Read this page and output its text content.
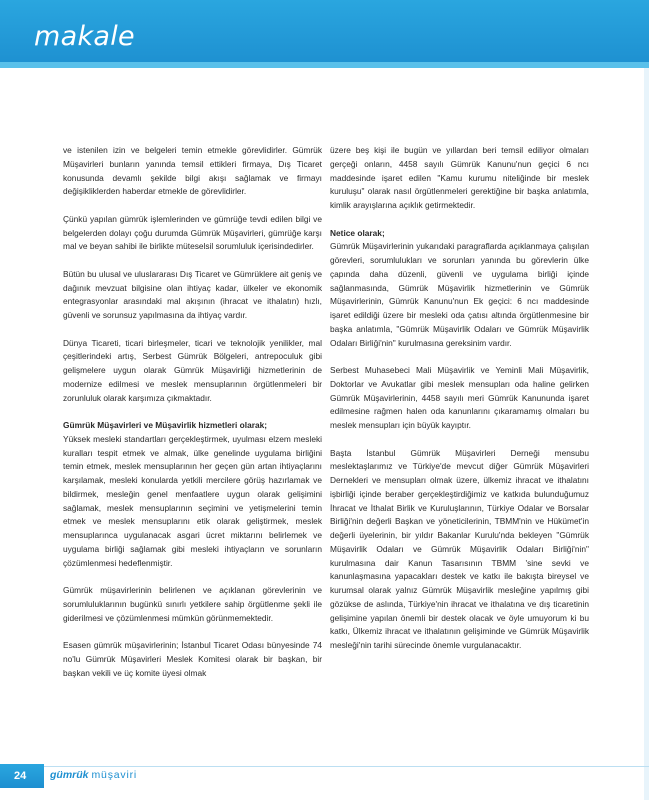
makale

ve istenilen izin ve belgeleri temin etmekle görevlidirler. Gümrük Müşavirleri bunların yanında temsil ettikleri firmaya, Dış Ticaret konusunda devamlı şekilde bilgi akışı sağlamak ve firmayı değişikliklerden haberdar etmekle de görevlidirler.

Çünkü yapılan gümrük işlemlerinden ve gümrüğe tevdi edilen bilgi ve belgelerden dolayı çoğu durumda Gümrük Müşavirleri, gümrüğe karşı mal ve beyan sahibi ile birlikte müteselsil sorumluluk içerisindedirler.

Bütün bu ulusal ve uluslararası Dış Ticaret ve Gümrüklere ait geniş ve dağınık mevzuat bilgisine olan ihtiyaç kadar, ülkeler ve ekonomik entegrasyonlar arasındaki mal akışının (ihracat ve ithalatın) hızlı, güvenli ve sorunsuz yapılmasına da ihtiyaç vardır.

Dünya Ticareti, ticari birleşmeler, ticari ve teknolojik yenilikler, mal çeşitlerindeki artış, Serbest Gümrük Bölgeleri, antrepoculuk gibi gelişmelere uygun olarak Gümrük Müşavirliği hizmetlerinin de modernize edilmesi ve meslek mensuplarının örgütlenmeleri bir zorunluluk olarak karşımıza çıkmaktadır.

Gümrük Müşavirleri ve Müşavirlik hizmetleri olarak;

Yüksek mesleki standartları gerçekleştirmek, uyulması elzem mesleki kuralları tespit etmek ve almak, ülke genelinde uygulama birliğini temin etmek, meslek mensuplarının her geçen gün artan ihtiyaçlarını karşılamak, mesleki konularda yetkili mercilere görüş hazırlamak ve bildirmek, mesleğin genel menfaatlere uygun olarak gelişimini sağlamak, meslek mensuplarının seçimini ve yetişmelerini temin etmek ve meslek mensuplarını etik olarak geliştirmek, meslek mensuplarınca uygulanacak asgari ücret miktarını belirlemek ve uygulama birliği sağlamak gibi mesleki ihtiyaçların ve sorunların çözümlenmesi hedeflenmiştir.

Gümrük müşavirlerinin belirlenen ve açıklanan görevlerinin ve sorumluluklarının bugünkü sınırlı yetkilere sahip örgütlenme şekli ile giderilmesi ve çözümlenmesi mümkün görünmemektedir.

Esasen gümrük müşavirlerinin; İstanbul Ticaret Odası bünyesinde 74 no'lu Gümrük Müşavirleri Meslek Komitesi olarak bir başkan, bir başkan vekili ve üç komite üyesi olmak

üzere beş kişi ile bugün ve yıllardan beri temsil ediliyor olmaları gerçeği onların, 4458 sayılı Gümrük Kanunu'nun geçici 6 ncı maddesinde işaret edilen "Kamu kurumu niteliğinde bir meslek kuruluşu" olarak nasıl örgütlenmeleri gerektiğine bir başka anlatımla, kimlik arayışlarına açıklık getirmektedir.

Netice olarak;

Gümrük Müşavirlerinin yukarıdaki paragraflarda açıklanmaya çalışılan görevleri, sorumlulukları ve sorunları yanında bu görevlerin ülke çapında daha düzenli, güvenli ve uygulama birliği içinde sağlanmasında, Gümrük Müşavirlik hizmetlerinin ve Gümrük Müşavirlerinin, Gümrük Kanunu'nun Ek geçici: 6 ncı maddesinde işaret edildiği üzere bir mesleki oda çatısı altında örgütlenmesine bir başka anlatımla, "Gümrük Müşavirlik Odaları ve Gümrük Müşavirlik Odaları Birliği'nin" kurulmasına gereksinim vardır.

Serbest Muhasebeci Mali Müşavirlik ve Yeminli Mali Müşavirlik, Doktorlar ve Avukatlar gibi meslek mensupları oda haline gelirken Gümrük Müşavirlerinin, 4458 sayılı meri Gümrük Kanununda işaret edilmesine rağmen halen oda kanunlarını çıkaramamış olmaları bu meslek mensupları için büyük kayıptır.

Başta İstanbul Gümrük Müşavirleri Derneği mensubu meslektaşlarımız ve Türkiye'de mevcut diğer Gümrük Müşavirleri Dernekleri ve mensupları olmak üzere, ülkemiz ihracat ve ithalatını işbirliği içinde beraber gerçekleştirdiğimiz ve katkıda bulunduğumuz İhracat ve İthalat Birlik ve Kuruluşlarının, Türkiye Odalar ve Borsalar Birliği'nin değerli Başkan ve yöneticilerinin, TBMM'nin ve Hükümet'in değerli üyelerinin, bir yıldır Bakanlar Kurulu'nda bekleyen "Gümrük Müşavirlik Odaları ve Gümrük Müşavirlik Odaları Birliği'nin" kurulmasına dair Kanun Tasarısının TBMM 'sine sevki ve kanunlaşmasına yapacakları destek ve katkı ile bakışta bireysel ve kurumsal olarak yalnız Gümrük Müşavirlik mesleğine yapılmış gibi gözükse de aslında, Türkiye'nin ihracat ve ithalatına ve dış ticaretinin gelişimine yapılan önemli bir destek olacak ve öyle umuyorum ki bu katkı, Ülkemiz ihracat ve ithalatının gelişiminde ve Gümrük Müşavirlik mesleği'nin tarihi sürecinde önemle vurgulanacaktır.

24 gümrük müşaviri
